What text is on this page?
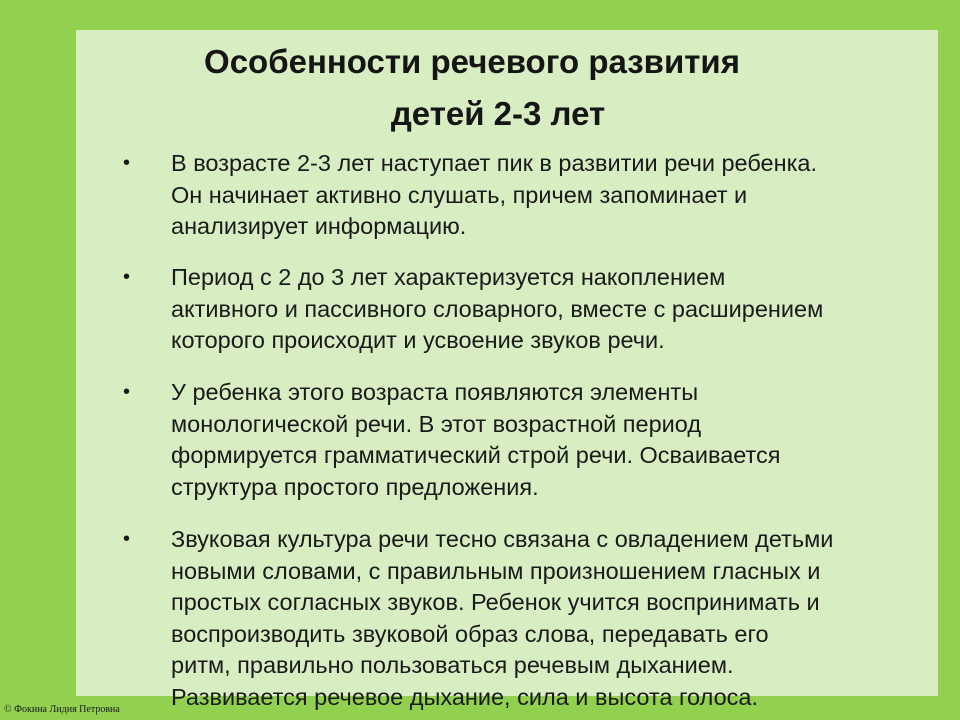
Особенности речевого развития
детей 2-3 лет
• В возрасте 2-3 лет наступает пик в развитии речи ребенка.
Он начинает активно слушать, причем запоминает и
анализирует информацию.
• Период с 2 до 3 лет характеризуется накоплением
активного и пассивного словарного, вместе с расширением
которого происходит и усвоение звуков речи.
• У ребенка этого возраста появляются элементы
монологической речи. В этот возрастной период
формируется грамматический строй речи. Осваивается
структура простого предложения.
• Звуковая культура речи тесно связана с овладением детьми
новыми словами, с правильным произношением гласных и
простых согласных звуков. Ребенок учится воспринимать и
воспроизводить звуковой образ слова, передавать его
ритм, правильно пользоваться речевым дыханием.
Развивается речевое дыхание, сила и высота голоса.
© Фокина Лидия Петровна
